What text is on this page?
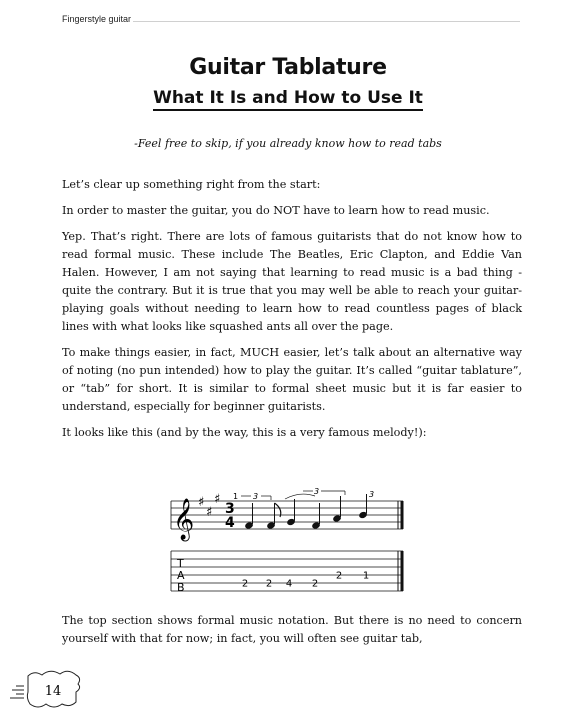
Fingerstyle guitar
Guitar Tablature
What It Is and How to Use It

-Feel free to skip, if you already know how to read tabs

Let’s clear up something right from the start:

In order to master the guitar, you do NOT have to learn how to read music.

Yep. That’s right. There are lots of famous guitarists that do not know how to read formal music. These include The Beatles, Eric Clapton, and Eddie Van Halen. However, I am not saying that learning to read music is a bad thing - quite the contrary. But it is true that you may well be able to reach your guitar-playing goals without needing to learn how to read countless pages of black lines with what looks like squashed ants all over the page.

To make things easier, in fact, MUCH easier, let’s talk about an alternative way of noting (no pun intended) how to play the guitar. It’s called “guitar tablature”, or “tab” for short. It is similar to formal sheet music but it is far easier to understand, especially for beginner guitarists.

It looks like this (and by the way, this is a very famous melody!):

𝄞 ♯
♯
♯
3
4
1 3
3	3
T
A
B	2 2 4 2
2 1

The top section shows formal music notation. But there is no need to concern yourself with that for now; in fact, you will often see guitar tab,

14
